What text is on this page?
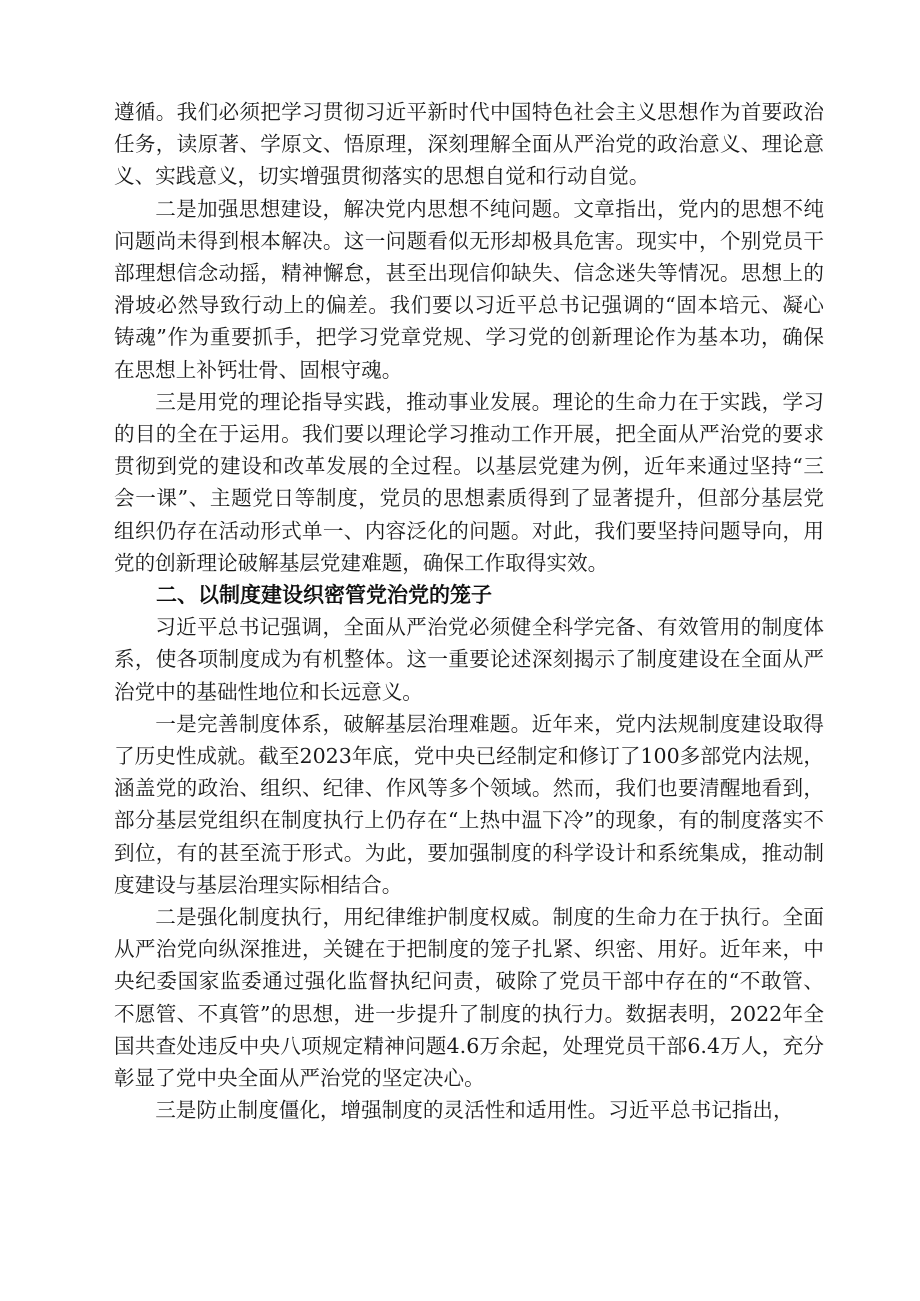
遵循。我们必须把学习贯彻习近平新时代中国特色社会主义思想作为首要政治任务，读原著、学原文、悟原理，深刻理解全面从严治党的政治意义、理论意义、实践意义，切实增强贯彻落实的思想自觉和行动自觉。

二是加强思想建设，解决党内思想不纯问题。文章指出，党内的思想不纯问题尚未得到根本解决。这一问题看似无形却极具危害。现实中，个别党员干部理想信念动摇，精神懈怠，甚至出现信仰缺失、信念迷失等情况。思想上的滑坡必然导致行动上的偏差。我们要以习近平总书记强调的“固本培元、凝心铸魂”作为重要抓手，把学习党章党规、学习党的创新理论作为基本功，确保在思想上补钙壮骨、固根守魂。

三是用党的理论指导实践，推动事业发展。理论的生命力在于实践，学习的目的全在于运用。我们要以理论学习推动工作开展，把全面从严治党的要求贯彻到党的建设和改革发展的全过程。以基层党建为例，近年来通过坚持“三会一课”、主题党日等制度，党员的思想素质得到了显著提升，但部分基层党组织仍存在活动形式单一、内容泛化的问题。对此，我们要坚持问题导向，用党的创新理论破解基层党建难题，确保工作取得实效。

二、以制度建设织密管党治党的笼子

习近平总书记强调，全面从严治党必须健全科学完备、有效管用的制度体系，使各项制度成为有机整体。这一重要论述深刻揭示了制度建设在全面从严治党中的基础性地位和长远意义。

一是完善制度体系，破解基层治理难题。近年来，党内法规制度建设取得了历史性成就。截至2023年底，党中央已经制定和修订了100多部党内法规，涵盖党的政治、组织、纪律、作风等多个领域。然而，我们也要清醒地看到，部分基层党组织在制度执行上仍存在“上热中温下冷”的现象，有的制度落实不到位，有的甚至流于形式。为此，要加强制度的科学设计和系统集成，推动制度建设与基层治理实际相结合。

二是强化制度执行，用纪律维护制度权威。制度的生命力在于执行。全面从严治党向纵深推进，关键在于把制度的笼子扎紧、织密、用好。近年来，中央纪委国家监委通过强化监督执纪问责，破除了党员干部中存在的“不敢管、不愿管、不真管”的思想，进一步提升了制度的执行力。数据表明，2022年全国共查处违反中央八项规定精神问题4.6万余起，处理党员干部6.4万人，充分彰显了党中央全面从严治党的坚定决心。

三是防止制度僵化，增强制度的灵活性和适用性。习近平总书记指出，
